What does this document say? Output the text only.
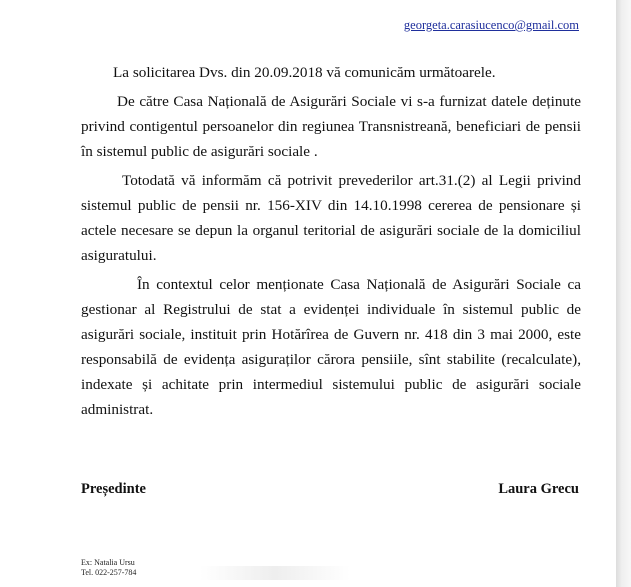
georgeta.carasiucenco@gmail.com
La solicitarea Dvs. din 20.09.2018 vă comunicăm următoarele.
De către Casa Națională de Asigurări Sociale vi s-a furnizat datele deținute
privind contigentul persoanelor din regiunea Transnistreană, beneficiari de pensii
în sistemul public de asigurări sociale .
Totodată vă informăm că potrivit prevederilor art.31.(2) al Legii privind
sistemul public de pensii nr. 156-XIV din 14.10.1998 cererea de pensionare și
actele necesare se depun la organul teritorial de asigurări sociale de la domiciliul
asiguratului.
În contextul celor menționate Casa Națională de Asigurări Sociale ca
gestionar al Registrului de stat a evidenței individuale în sistemul public de
asigurări sociale, instituit prin Hotărîrea de Guvern nr. 418 din 3 mai 2000, este
responsabilă de evidența asiguraților cărora pensiile, sînt stabilite (recalculate),
indexate și achitate prin intermediul sistemului public de asigurări sociale
administrat.
Președinte	Laura Grecu
Ex: Natalia Ursu
Tel. 022-257-784
